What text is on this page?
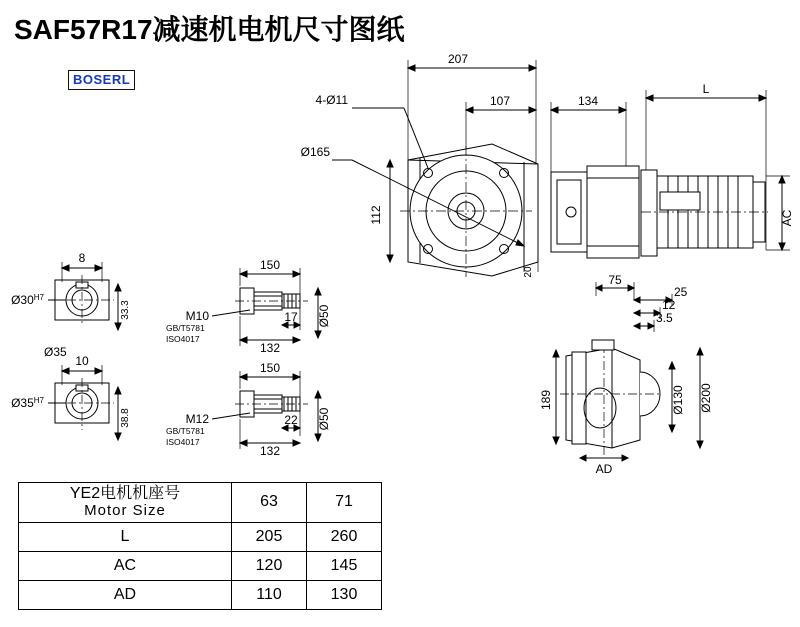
SAF57R17减速机电机尺寸图纸
BOSERL
207
107	134
L
AC
112
4-Ø11
Ø165
20
8
$Ø30^{H7}$
33.3
Ø35
10
$Ø35^{H7}$
38.8
150
M10
GB/T5781
ISO4017
17
132
Ø50
150
M12
GB/T5781
ISO4017
22
132
Ø50
75
25
12
3.5
189	Ø130 Ø200
AD
YE2电机机座号
Motor Size	63	71
L	205	260
AC	120	145
AD	110	130
